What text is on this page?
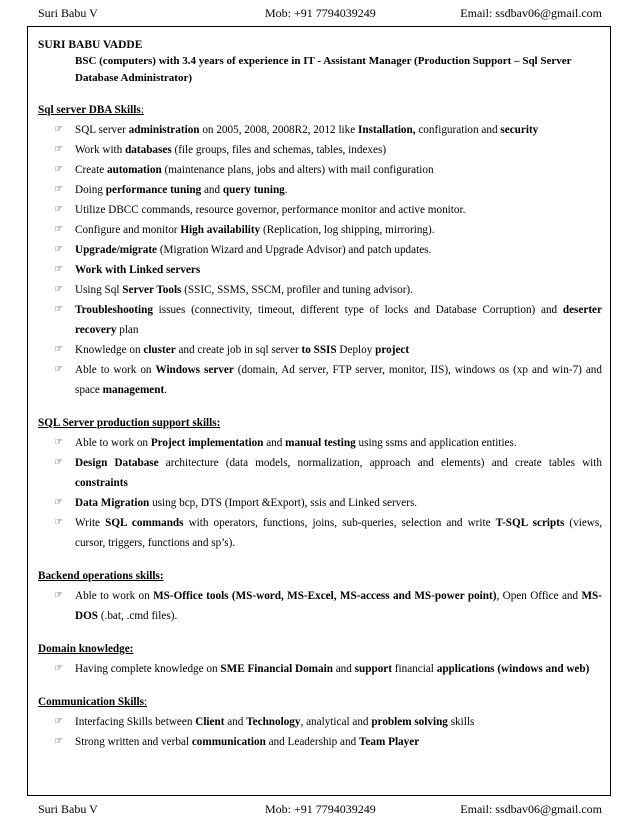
Suri Babu V	Mob: +91 7794039249	Email: ssdbav06@gmail.com
SURI BABU VADDE
BSC (computers) with 3.4 years of experience in IT - Assistant Manager (Production Support – Sql Server Database Administrator)
Sql server DBA Skills:
☞ SQL server administration on 2005, 2008, 2008R2, 2012 like Installation, configuration and security
☞ Work with databases (file groups, files and schemas, tables, indexes)
☞ Create automation (maintenance plans, jobs and alters) with mail configuration
☞ Doing performance tuning and query tuning.
☞ Utilize DBCC commands, resource governor, performance monitor and active monitor.
☞ Configure and monitor High availability (Replication, log shipping, mirroring).
☞ Upgrade/migrate (Migration Wizard and Upgrade Advisor) and patch updates.
☞ Work with Linked servers
☞ Using Sql Server Tools (SSIC, SSMS, SSCM, profiler and tuning advisor).
☞ Troubleshooting issues (connectivity, timeout, different type of locks and Database Corruption) and deserter recovery plan
☞ Knowledge on cluster and create job in sql server to SSIS Deploy project
☞ Able to work on Windows server (domain, Ad server, FTP server, monitor, IIS), windows os (xp and win-7) and space management.
SQL Server production support skills:
☞ Able to work on Project implementation and manual testing using ssms and application entities.
☞ Design Database architecture (data models, normalization, approach and elements) and create tables with constraints
☞ Data Migration using bcp, DTS (Import &Export), ssis and Linked servers.
☞ Write SQL commands with operators, functions, joins, sub-queries, selection and write T-SQL scripts (views, cursor, triggers, functions and sp’s).
Backend operations skills:
☞ Able to work on MS-Office tools (MS-word, MS-Excel, MS-access and MS-power point), Open Office and MS-DOS (.bat, .cmd files).
Domain knowledge:
☞ Having complete knowledge on SME Financial Domain and support financial applications (windows and web)
Communication Skills:
☞ Interfacing Skills between Client and Technology, analytical and problem solving skills
☞ Strong written and verbal communication and Leadership and Team Player
Suri Babu V	Mob: +91 7794039249	Email: ssdbav06@gmail.com
